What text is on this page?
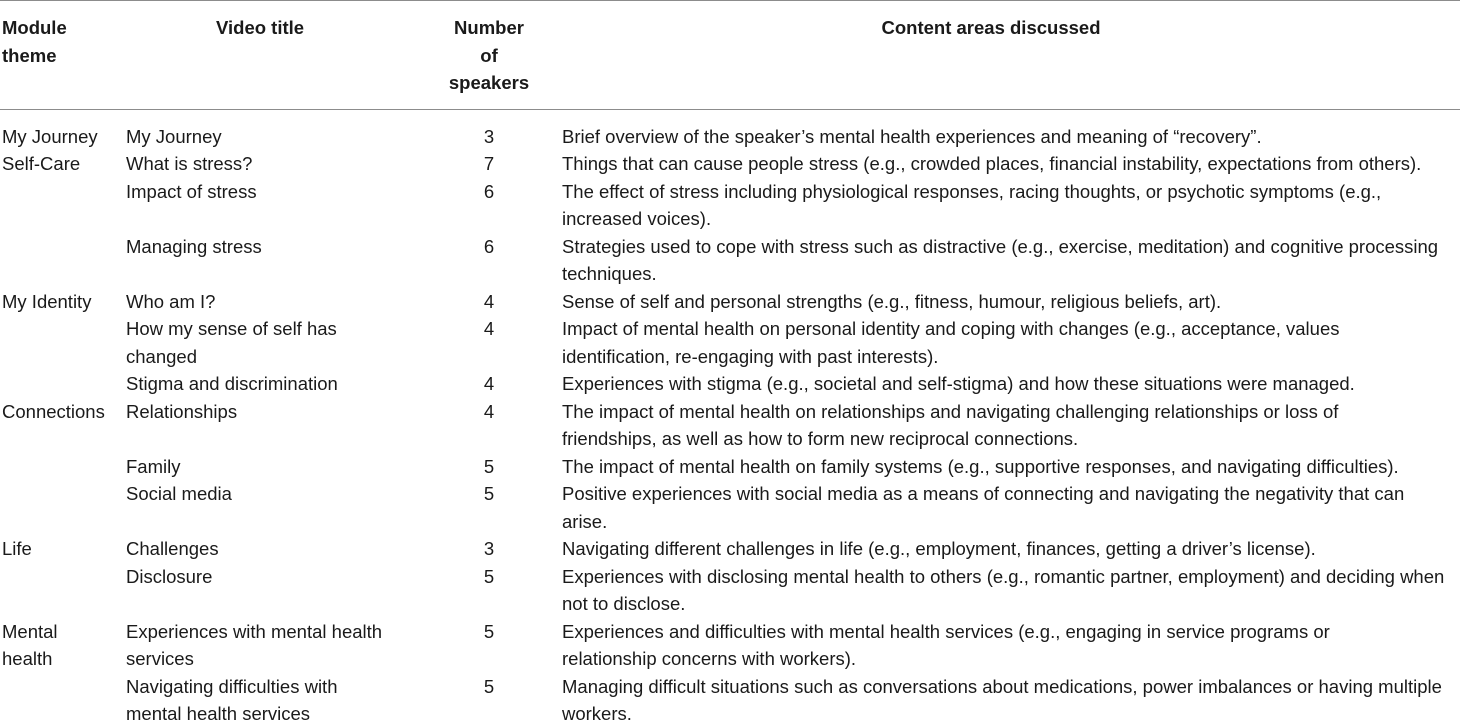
Module theme	Video title	Number of speakers	Content areas discussed
My Journey	My Journey	3	Brief overview of the speaker’s mental health experiences and meaning of “recovery”.
Self-Care	What is stress?	7	Things that can cause people stress (e.g., crowded places, financial instability, expectations from others).
	Impact of stress	6	The effect of stress including physiological responses, racing thoughts, or psychotic symptoms (e.g., increased voices).
	Managing stress	6	Strategies used to cope with stress such as distractive (e.g., exercise, meditation) and cognitive processing techniques.
My Identity	Who am I?	4	Sense of self and personal strengths (e.g., fitness, humour, religious beliefs, art).
	How my sense of self has changed	4	Impact of mental health on personal identity and coping with changes (e.g., acceptance, values identification, re-engaging with past interests).
	Stigma and discrimination	4	Experiences with stigma (e.g., societal and self-stigma) and how these situations were managed.
Connections	Relationships	4	The impact of mental health on relationships and navigating challenging relationships or loss of friendships, as well as how to form new reciprocal connections.
	Family	5	The impact of mental health on family systems (e.g., supportive responses, and navigating difficulties).
	Social media	5	Positive experiences with social media as a means of connecting and navigating the negativity that can arise.
Life	Challenges	3	Navigating different challenges in life (e.g., employment, finances, getting a driver’s license).
	Disclosure	5	Experiences with disclosing mental health to others (e.g., romantic partner, employment) and deciding when not to disclose.
Mental health	Experiences with mental health services	5	Experiences and difficulties with mental health services (e.g., engaging in service programs or relationship concerns with workers).
	Navigating difficulties with mental health services	5	Managing difficult situations such as conversations about medications, power imbalances or having multiple workers.
